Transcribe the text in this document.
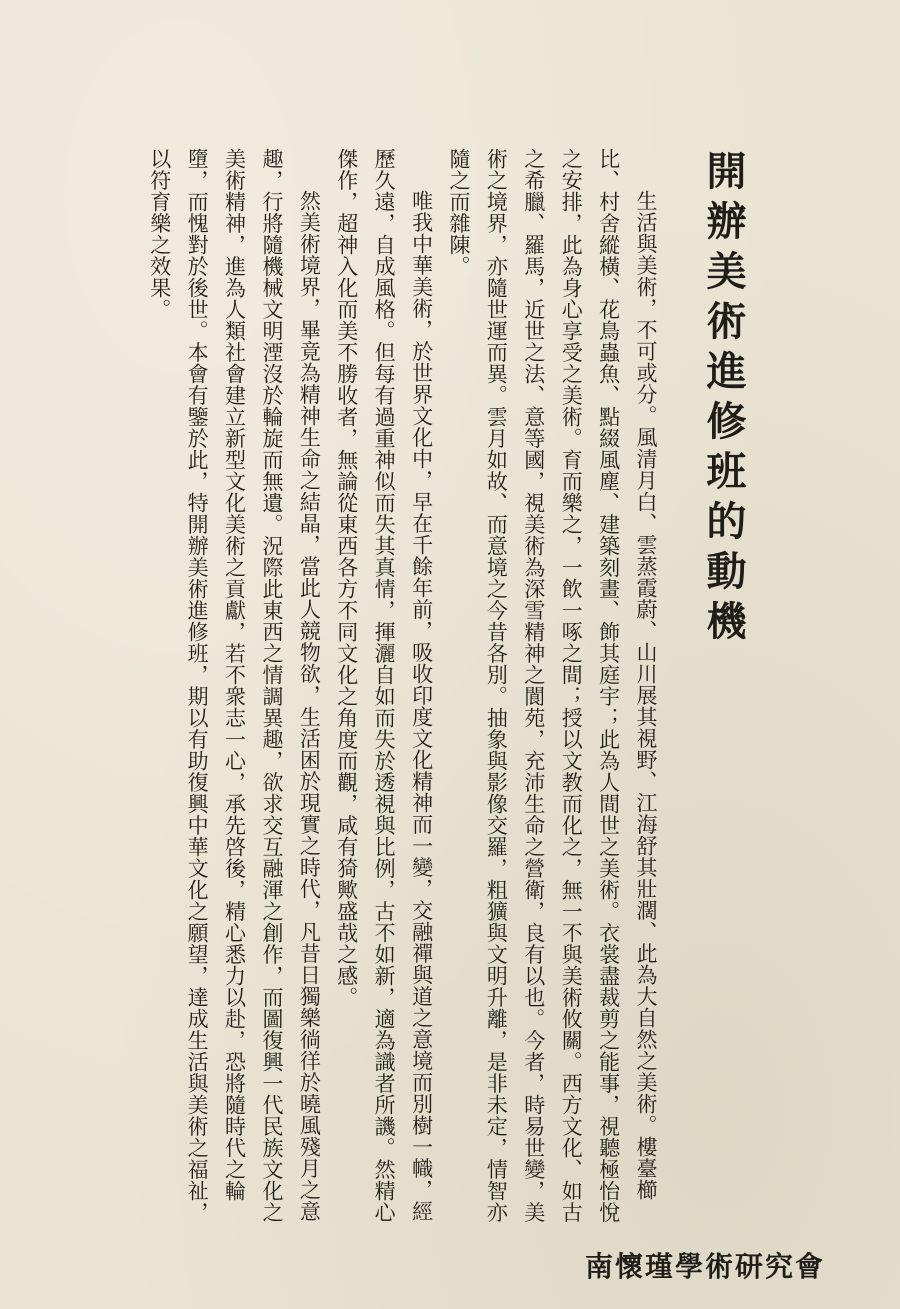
開辦美術進修班的動機

生活與美術，不可或分。風清月白、雲蒸霞蔚、山川展其視野、江海舒其壯濶、此為大自然之美術。樓臺櫛比、村舍縱橫、花鳥蟲魚、點綴風塵、建築刻畫、飾其庭宇；此為人間世之美術。衣裳盡裁剪之能事，視聽極怡悅之安排，此為身心享受之美術。育而樂之，一飲一啄之間；授以文教而化之，無一不與美術攸關。西方文化、如古之希臘、羅馬，近世之法、意等國，視美術為深雪精神之閬苑，充沛生命之營衛，良有以也。今者，時易世變，美術之境界，亦隨世運而異。雲月如故、而意境之今昔各別。抽象與影像交羅，粗獷與文明升離，是非未定，情智亦隨之而雜陳。

唯我中華美術，於世界文化中，早在千餘年前，吸收印度文化精神而一變，交融禪與道之意境而別樹一幟，經歷久遠，自成風格。但每有過重神似而失其真情，揮灑自如而失於透視與比例，古不如新，適為識者所譏。然精心傑作，超神入化而美不勝收者，無論從東西各方不同文化之角度而觀，咸有猗歟盛哉之感。

然美術境界，畢竟為精神生命之結晶，當此人競物欲，生活困於現實之時代，凡昔日獨樂徜徉於曉風殘月之意趣，行將隨機械文明湮沒於輪旋而無遺。況際此東西之情調異趣，欲求交互融渾之創作，而圖復興一代民族文化之美術精神，進為人類社會建立新型文化美術之貢獻，若不衆志一心，承先啓後，精心悉力以赴，恐將隨時代之輪墮，而愧對於後世。本會有鑒於此，特開辦美術進修班，期以有助復興中華文化之願望，達成生活與美術之福祉，以符育樂之效果。

南懷瑾學術研究會
